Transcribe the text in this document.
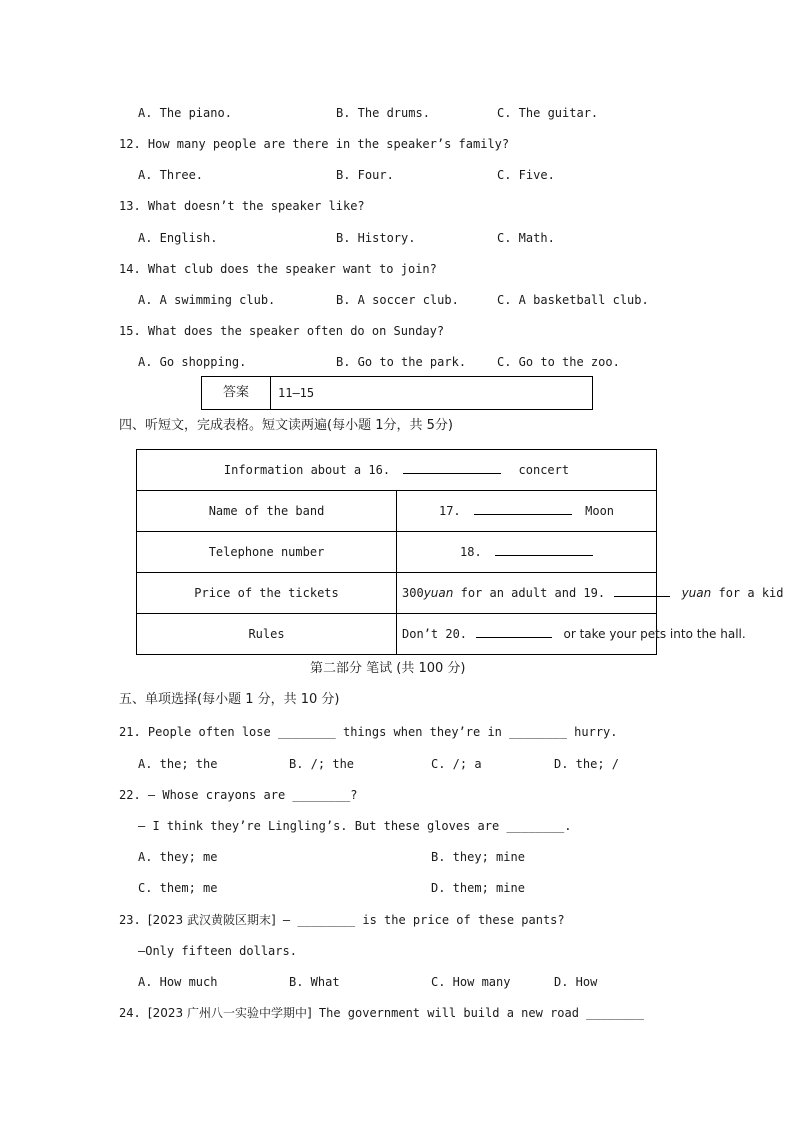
A. The piano.	B. The drums.	C. The guitar.
12. How many people are there in the speaker’s family?
A. Three.	B. Four.	C. Five.
13. What doesn’t the speaker like?
A. English.	B. History.	C. Math.
14. What club does the speaker want to join?
A. A swimming club.	B. A soccer club.	C. A basketball club.
15. What does the speaker often do on Sunday?
A. Go shopping.	B. Go to the park.	C. Go to the zoo.
答案	11—15
四、听短文，完成表格。短文读两遍(每小题 1分，共 5分)
Information about a 16. concert	
Name of the band	17. Moon
Telephone number	18.
Price of the tickets	300yuan for an adult and 19. yuan for a kid
Rules	Don’t 20. or take your pets into the hall.
第二部分 笔试 (共 100 分)
五、单项选择(每小题 1 分，共 10 分)
21. People often lose ________ things when they’re in ________ hurry.
A. the; the	B. /; the	C. /; a	D. the; /
22. — Whose crayons are ________?
— I think they’re Lingling’s. But these gloves are ________.
A. they; me	B. they; mine
C. them; me	D. them; mine
23. [2023 武汉黄陂区期末] — ________ is the price of these pants?
—Only fifteen dollars.
A. How much	B. What	C. How many	D. How
24. [2023 广州八一实验中学期中] The government will build a new road ________
